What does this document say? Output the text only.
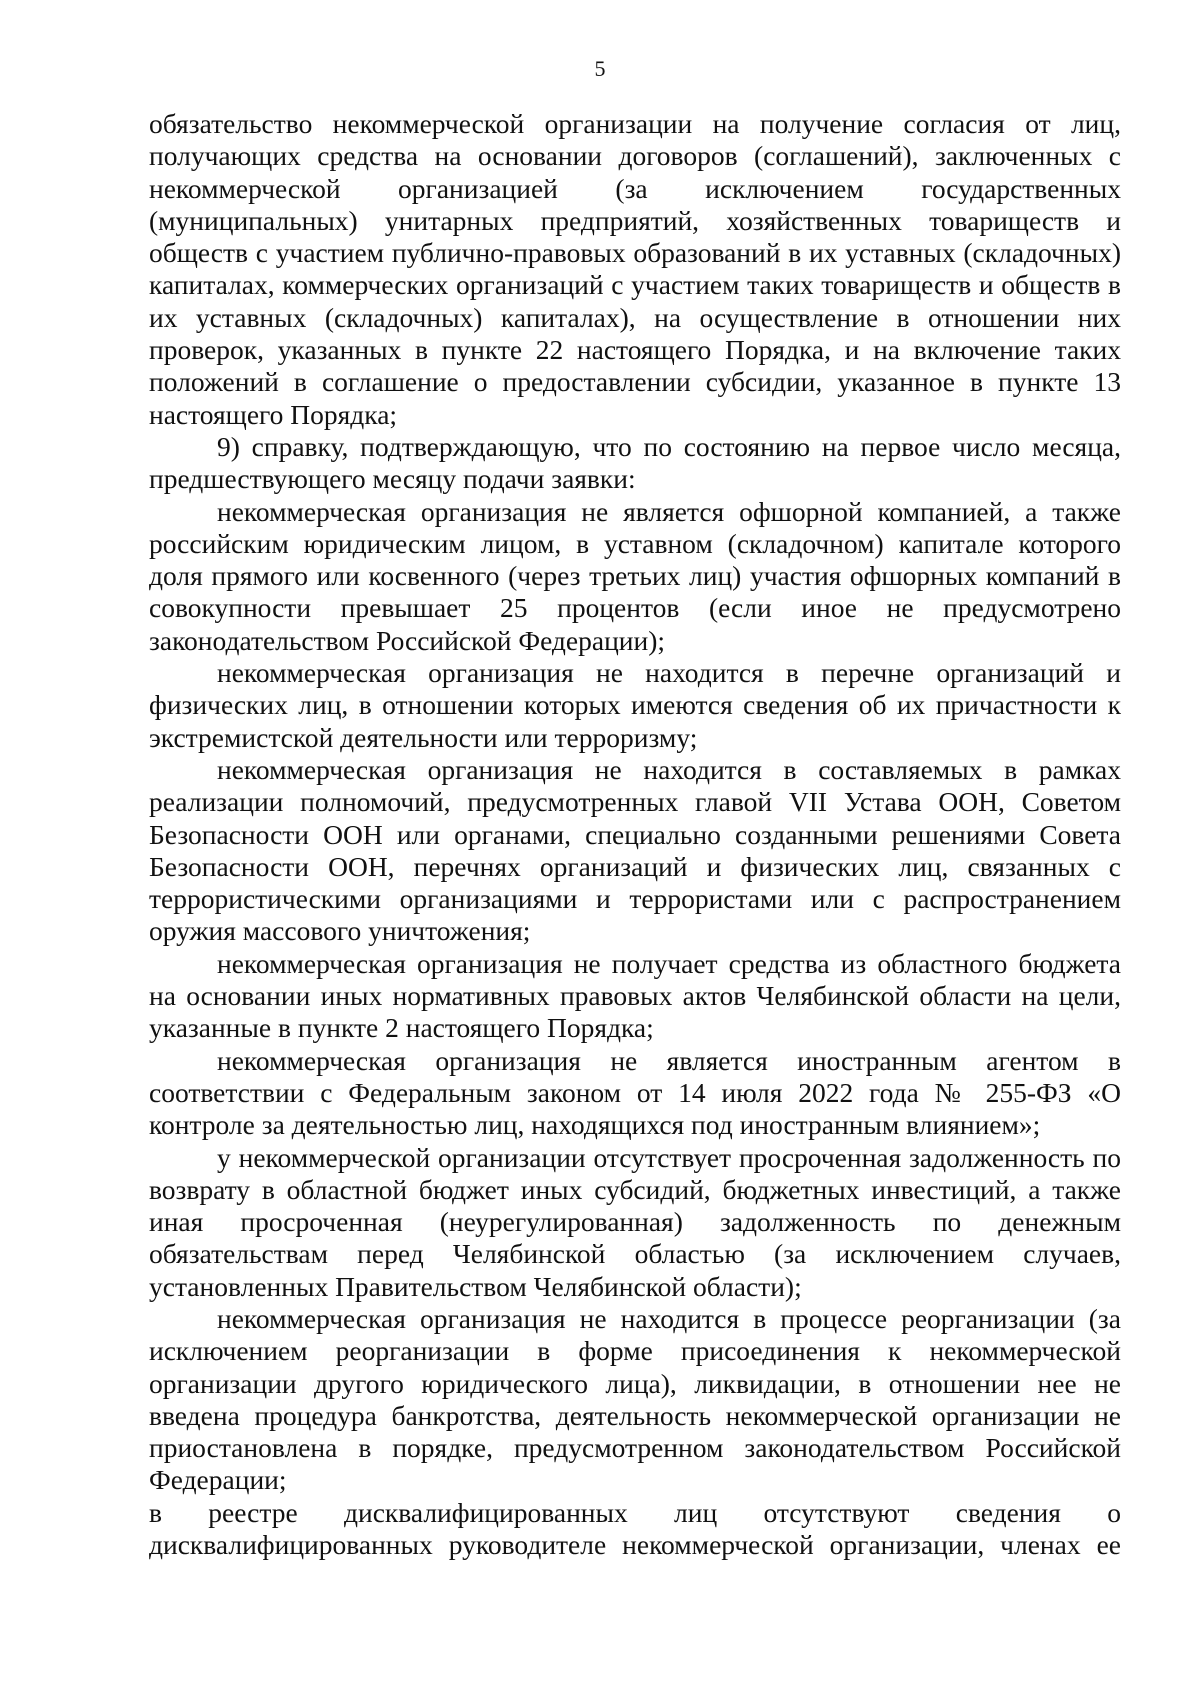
5

обязательство некоммерческой организации на получение согласия от лиц, получающих средства на основании договоров (соглашений), заключенных с некоммерческой организацией (за исключением государственных (муниципальных) унитарных предприятий, хозяйственных товариществ и обществ с участием публично-правовых образований в их уставных (складочных) капиталах, коммерческих организаций с участием таких товариществ и обществ в их уставных (складочных) капиталах), на осуществление в отношении них проверок, указанных в пункте 22 настоящего Порядка, и на включение таких положений в соглашение о предоставлении субсидии, указанное в пункте 13 настоящего Порядка;

9) справку, подтверждающую, что по состоянию на первое число месяца, предшествующего месяцу подачи заявки:

некоммерческая организация не является офшорной компанией, а также российским юридическим лицом, в уставном (складочном) капитале которого доля прямого или косвенного (через третьих лиц) участия офшорных компаний в совокупности превышает 25 процентов (если иное не предусмотрено законодательством Российской Федерации);

некоммерческая организация не находится в перечне организаций и физических лиц, в отношении которых имеются сведения об их причастности к экстремистской деятельности или терроризму;

некоммерческая организация не находится в составляемых в рамках реализации полномочий, предусмотренных главой VII Устава ООН, Советом Безопасности ООН или органами, специально созданными решениями Совета Безопасности ООН, перечнях организаций и физических лиц, связанных с террористическими организациями и террористами или с распространением оружия массового уничтожения;

некоммерческая организация не получает средства из областного бюджета на основании иных нормативных правовых актов Челябинской области на цели, указанные в пункте 2 настоящего Порядка;

некоммерческая организация не является иностранным агентом в соответствии с Федеральным законом от 14 июля 2022 года № 255-ФЗ «О контроле за деятельностью лиц, находящихся под иностранным влиянием»;

у некоммерческой организации отсутствует просроченная задолженность по возврату в областной бюджет иных субсидий, бюджетных инвестиций, а также иная просроченная (неурегулированная) задолженность по денежным обязательствам перед Челябинской областью (за исключением случаев, установленных Правительством Челябинской области);

некоммерческая организация не находится в процессе реорганизации (за исключением реорганизации в форме присоединения к некоммерческой организации другого юридического лица), ликвидации, в отношении нее не введена процедура банкротства, деятельность некоммерческой организации не приостановлена в порядке, предусмотренном законодательством Российской Федерации;

в реестре дисквалифицированных лиц отсутствуют сведения о дисквалифицированных руководителе некоммерческой организации, членах ее
